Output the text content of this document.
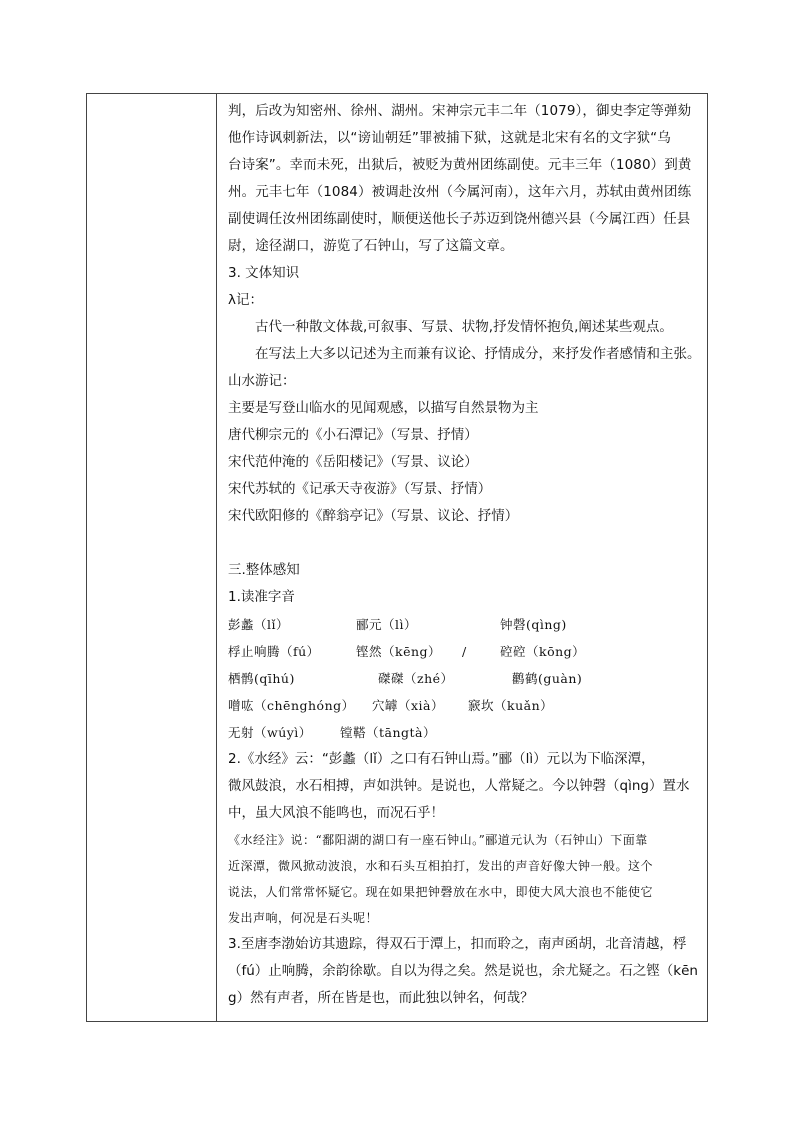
判，后改为知密州、徐州、湖州。宋神宗元丰二年（1079），御史李定等弹劾
他作诗讽刺新法，以“谤讪朝廷”罪被捕下狱，这就是北宋有名的文字狱“乌
台诗案”。幸而未死，出狱后，被贬为黄州团练副使。元丰三年（1080）到黄
州。元丰七年（1084）被调赴汝州（今属河南），这年六月，苏轼由黄州团练
副使调任汝州团练副使时，顺便送他长子苏迈到饶州德兴县（今属江西）任县
尉，途径湖口，游览了石钟山，写了这篇文章。
3. 文体知识
λ记：
古代一种散文体裁,可叙事、写景、状物,抒发情怀抱负,阐述某些观点。
在写法上大多以记述为主而兼有议论、抒情成分，来抒发作者感情和主张。
山水游记：
主要是写登山临水的见闻观感，以描写自然景物为主
唐代柳宗元的《小石潭记》（写景、抒情）
宋代范仲淹的《岳阳楼记》（写景、议论）
宋代苏轼的《记承天寺夜游》（写景、抒情）
宋代欧阳修的《醉翁亭记》（写景、议论、抒情）
三.整体感知
1.读准字音
彭蠡（lǐ）	郦元（lì）	钟磬(qìng)
桴止响腾（fú）	铿然（kēng）	/	硿硿（kōng）
栖鹘(qīhú)	磔磔（zhé）	鹳鹤(guàn)
噌吰（chēnghóng）	穴罅（xià）	窾坎（kuǎn）
无射（wúyì）	镗鞳（tāngtà）
2.《水经》云：“彭蠡（lǐ）之口有石钟山焉。”郦（lì）元以为下临深潭，
微风鼓浪，水石相搏，声如洪钟。是说也，人常疑之。今以钟磬（qìng）置水
中，虽大风浪不能鸣也，而况石乎！
《水经注》说：“鄱阳湖的湖口有一座石钟山。”郦道元认为（石钟山）下面靠
近深潭，微风掀动波浪，水和石头互相拍打，发出的声音好像大钟一般。这个
说法，人们常常怀疑它。现在如果把钟磬放在水中，即使大风大浪也不能使它
发出声响，何况是石头呢！
3.至唐李渤始访其遗踪，得双石于潭上，扣而聆之，南声函胡，北音清越，桴
（fú）止响腾，余韵徐歇。自以为得之矣。然是说也，余尤疑之。石之铿（kēn
g）然有声者，所在皆是也，而此独以钟名，何哉？
